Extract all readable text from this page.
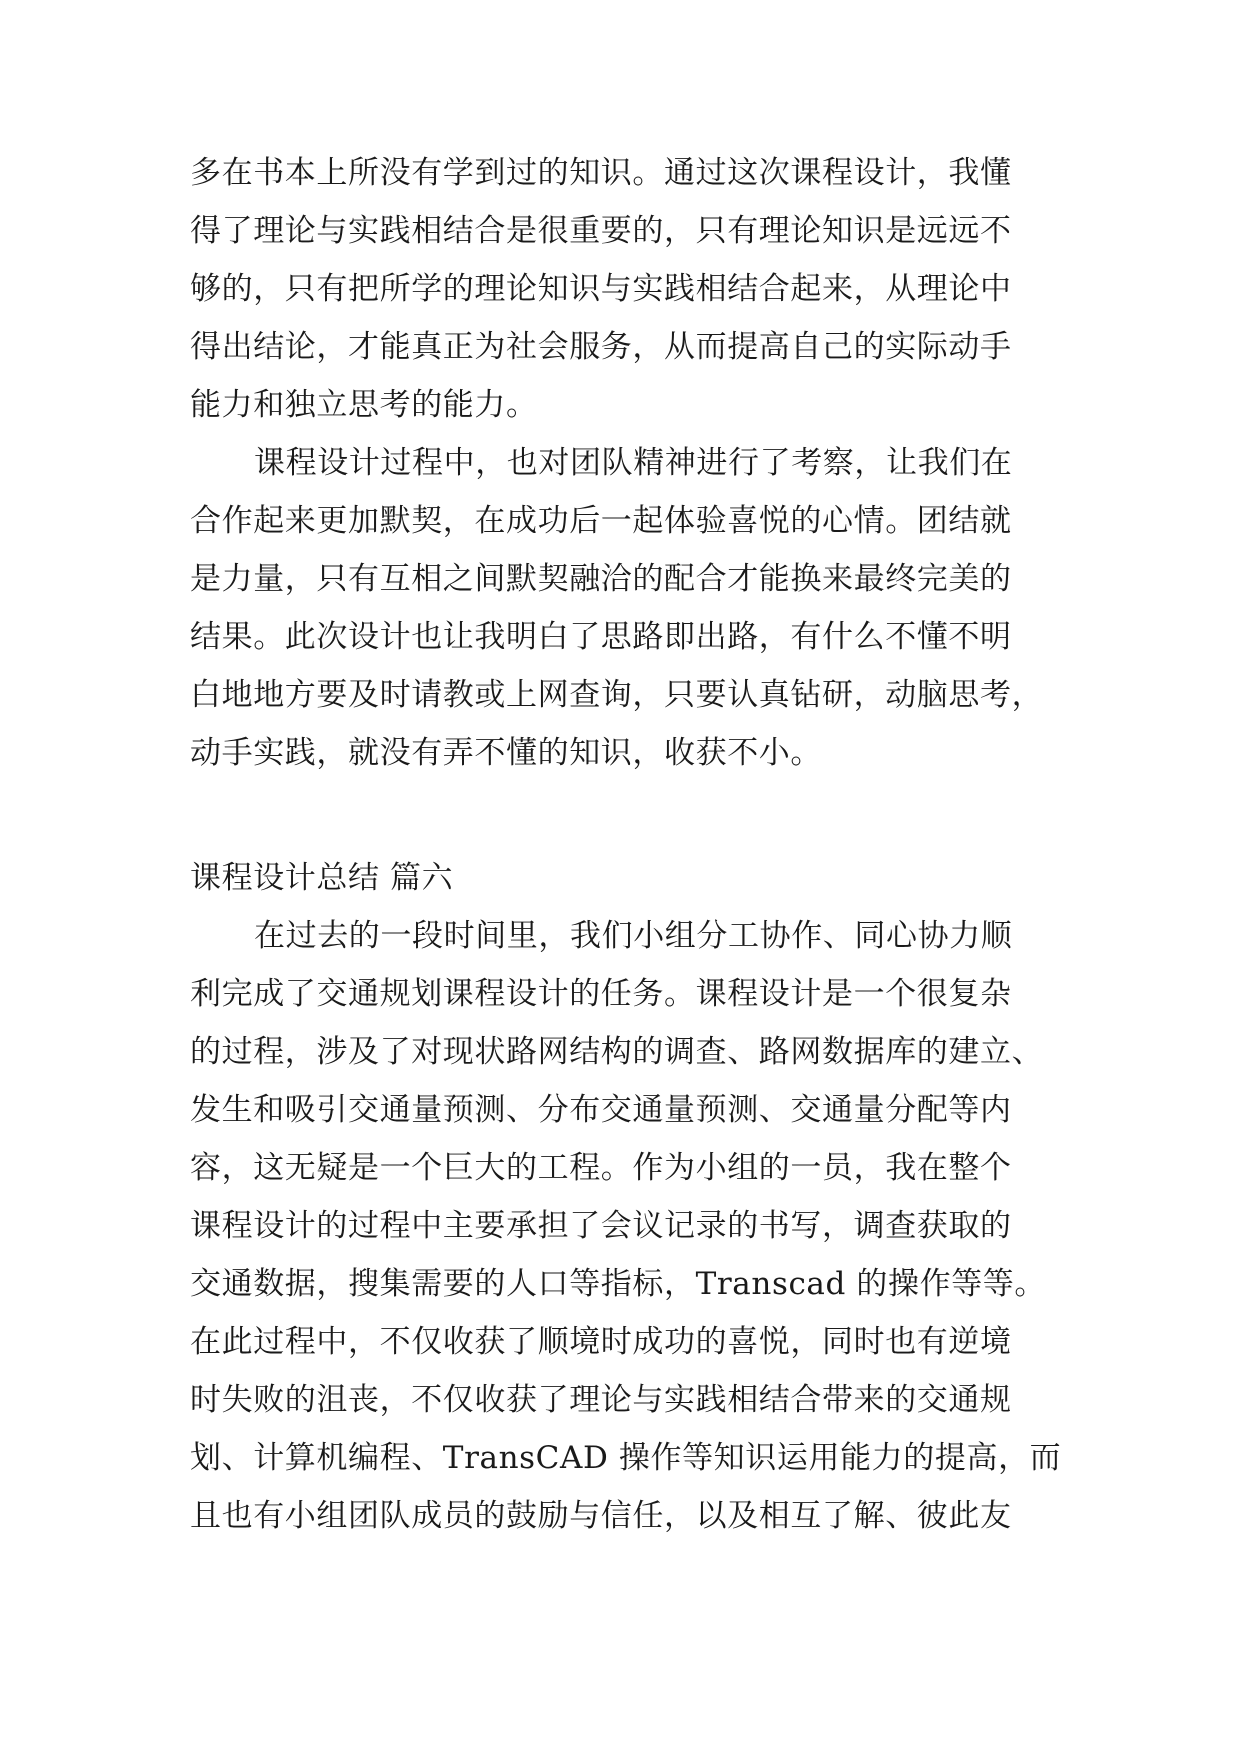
多在书本上所没有学到过的知识。通过这次课程设计，我懂

得了理论与实践相结合是很重要的，只有理论知识是远远不

够的，只有把所学的理论知识与实践相结合起来，从理论中

得出结论，才能真正为社会服务，从而提高自己的实际动手

能力和独立思考的能力。

课程设计过程中，也对团队精神进行了考察，让我们在

合作起来更加默契，在成功后一起体验喜悦的心情。团结就

是力量，只有互相之间默契融洽的配合才能换来最终完美的

结果。此次设计也让我明白了思路即出路，有什么不懂不明

白地地方要及时请教或上网查询，只要认真钻研，动脑思考，

动手实践，就没有弄不懂的知识，收获不小。

课程设计总结 篇六

在过去的一段时间里，我们小组分工协作、同心协力顺

利完成了交通规划课程设计的任务。课程设计是一个很复杂

的过程，涉及了对现状路网结构的调查、路网数据库的建立、

发生和吸引交通量预测、分布交通量预测、交通量分配等内

容，这无疑是一个巨大的工程。作为小组的一员，我在整个

课程设计的过程中主要承担了会议记录的书写，调查获取的

交通数据，搜集需要的人口等指标，Transcad 的操作等等。

在此过程中，不仅收获了顺境时成功的喜悦，同时也有逆境

时失败的沮丧，不仅收获了理论与实践相结合带来的交通规

划、计算机编程、TransCAD 操作等知识运用能力的提高，而

且也有小组团队成员的鼓励与信任，以及相互了解、彼此友
